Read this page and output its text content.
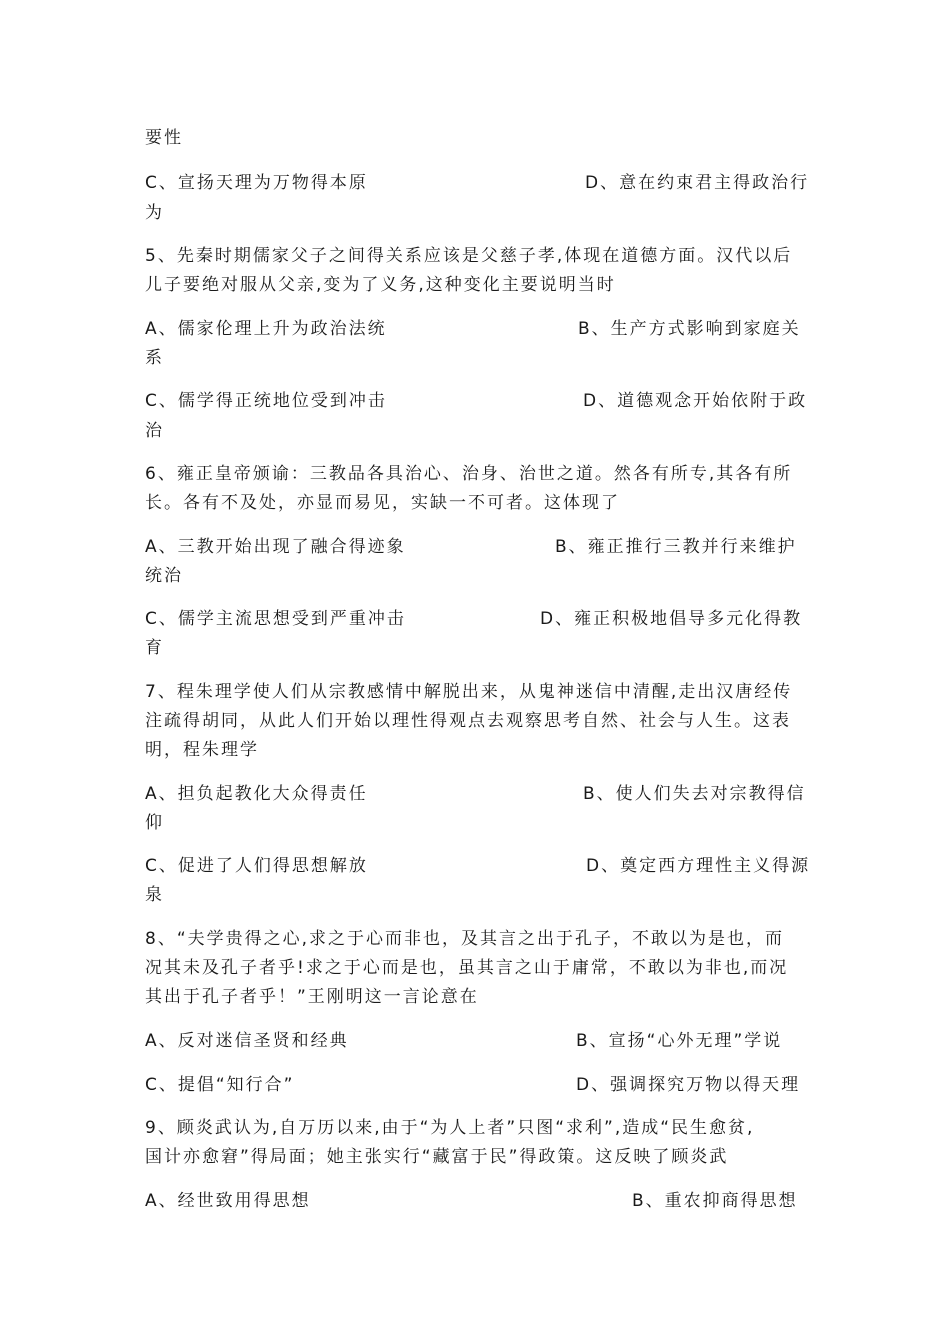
要性
C、宣扬天理为万物得本原	D、意在约束君主得政治行
为
5、先秦时期儒家父子之间得关系应该是父慈子孝,体现在道德方面。汉代以后
儿子要绝对服从父亲,变为了义务,这种变化主要说明当时
A、儒家伦理上升为政治法统	B、生产方式影响到家庭关
系
C、儒学得正统地位受到冲击	D、道德观念开始依附于政
治
6、雍正皇帝颁谕：三教品各具治心、治身、治世之道。然各有所专,其各有所
长。各有不及处，亦显而易见，实缺一不可者。这体现了
A、三教开始出现了融合得迹象	B、雍正推行三教并行来维护
统治
C、儒学主流思想受到严重冲击	D、雍正积极地倡导多元化得教
育
7、程朱理学使人们从宗教感情中解脱出来，从鬼神迷信中清醒,走出汉唐经传
注疏得胡同，从此人们开始以理性得观点去观察思考自然、社会与人生。这表
明，程朱理学
A、担负起教化大众得责任	B、使人们失去对宗教得信
仰
C、促进了人们得思想解放	D、奠定西方理性主义得源
泉
8、“夫学贵得之心,求之于心而非也，及其言之出于孔子，不敢以为是也，而
况其未及孔子者乎!求之于心而是也，虽其言之山于庸常，不敢以为非也,而况
其出于孔子者乎！”王刚明这一言论意在
A、反对迷信圣贤和经典	B、宣扬“心外无理”学说
C、提倡“知行合”	D、强调探究万物以得天理
9、顾炎武认为,自万历以来,由于“为人上者”只图“求利”,造成“民生愈贫,
国计亦愈窘”得局面；她主张实行“藏富于民”得政策。这反映了顾炎武
A、经世致用得思想	B、重农抑商得思想
